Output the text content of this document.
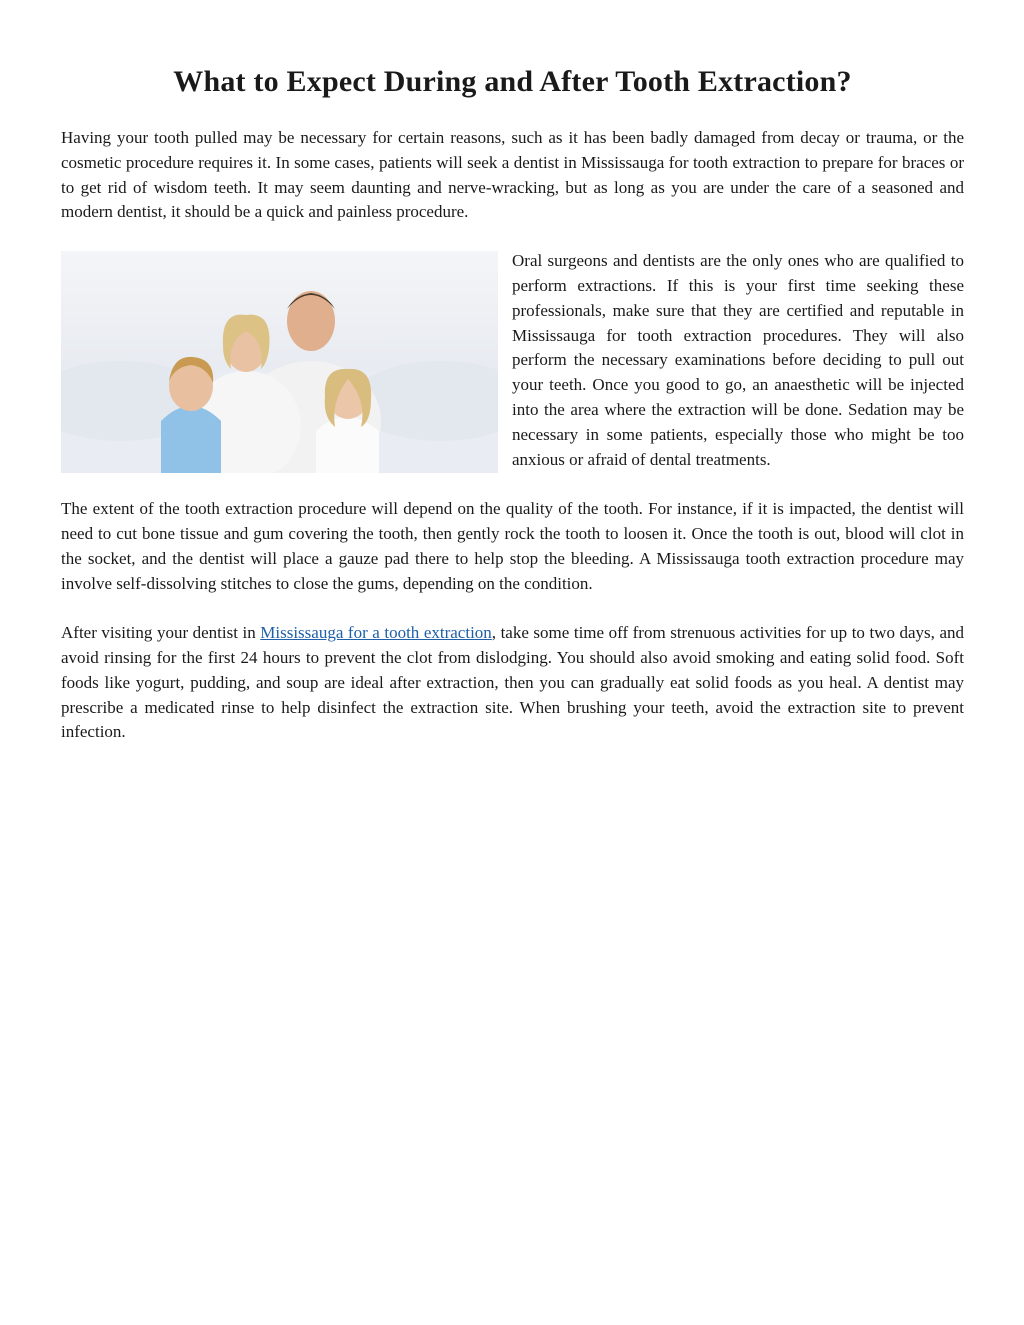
What to Expect During and After Tooth Extraction?

Having your tooth pulled may be necessary for certain reasons, such as it has been badly damaged from decay or trauma, or the cosmetic procedure requires it. In some cases, patients will seek a dentist in Mississauga for tooth extraction to prepare for braces or to get rid of wisdom teeth. It may seem daunting and nerve-wracking, but as long as you are under the care of a seasoned and modern dentist, it should be a quick and painless procedure.

Oral surgeons and dentists are the only ones who are qualified to perform extractions. If this is your first time seeking these professionals, make sure that they are certified and reputable in Mississauga for tooth extraction procedures. They will also perform the necessary examinations before deciding to pull out your teeth. Once you good to go, an anaesthetic will be injected into the area where the extraction will be done. Sedation may be necessary in some patients, especially those who might be too anxious or afraid of dental treatments.

The extent of the tooth extraction procedure will depend on the quality of the tooth. For instance, if it is impacted, the dentist will need to cut bone tissue and gum covering the tooth, then gently rock the tooth to loosen it. Once the tooth is out, blood will clot in the socket, and the dentist will place a gauze pad there to help stop the bleeding. A Mississauga tooth extraction procedure may involve self-dissolving stitches to close the gums, depending on the condition.

After visiting your dentist in Mississauga for a tooth extraction, take some time off from strenuous activities for up to two days, and avoid rinsing for the first 24 hours to prevent the clot from dislodging. You should also avoid smoking and eating solid food. Soft foods like yogurt, pudding, and soup are ideal after extraction, then you can gradually eat solid foods as you heal. A dentist may prescribe a medicated rinse to help disinfect the extraction site. When brushing your teeth, avoid the extraction site to prevent infection.
